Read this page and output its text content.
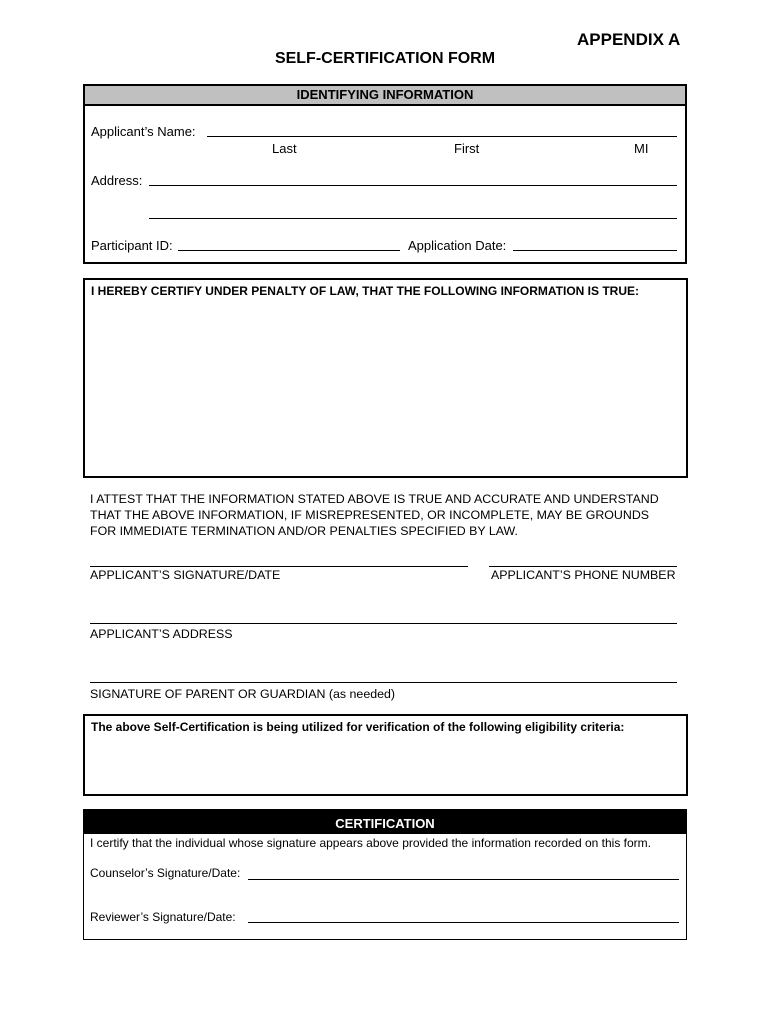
APPENDIX A
SELF-CERTIFICATION FORM
IDENTIFYING INFORMATION
Applicant’s Name:
Last	First	MI
Address:
Participant ID:	Application Date:
I HEREBY CERTIFY UNDER PENALTY OF LAW, THAT THE FOLLOWING INFORMATION IS TRUE:
I ATTEST THAT THE INFORMATION STATED ABOVE IS TRUE AND ACCURATE AND UNDERSTAND
THAT THE ABOVE INFORMATION, IF MISREPRESENTED, OR INCOMPLETE, MAY BE GROUNDS
FOR IMMEDIATE TERMINATION AND/OR PENALTIES SPECIFIED BY LAW.
APPLICANT’S SIGNATURE/DATE	APPLICANT’S PHONE NUMBER
APPLICANT’S ADDRESS
SIGNATURE OF PARENT OR GUARDIAN (as needed)
The above Self-Certification is being utilized for verification of the following eligibility criteria:
CERTIFICATION
I certify that the individual whose signature appears above provided the information recorded on this form.
Counselor’s Signature/Date:
Reviewer’s Signature/Date:
